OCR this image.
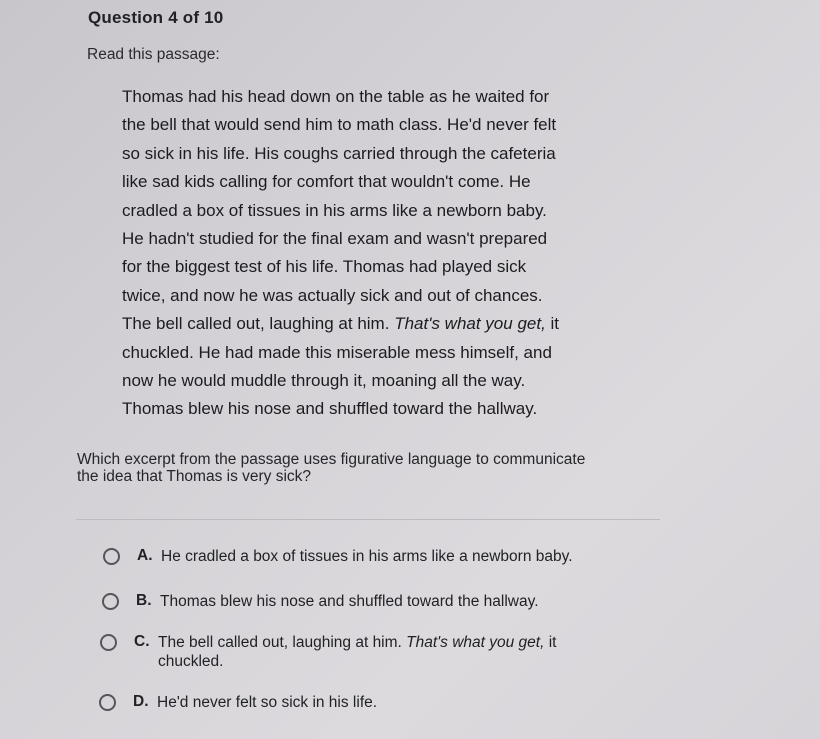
Question 4 of 10
Read this passage:
Thomas had his head down on the table as he waited for
the bell that would send him to math class. He'd never felt
so sick in his life. His coughs carried through the cafeteria
like sad kids calling for comfort that wouldn't come. He
cradled a box of tissues in his arms like a newborn baby.
He hadn't studied for the final exam and wasn't prepared
for the biggest test of his life. Thomas had played sick
twice, and now he was actually sick and out of chances.
The bell called out, laughing at him. That's what you get, it
chuckled. He had made this miserable mess himself, and
now he would muddle through it, moaning all the way.
Thomas blew his nose and shuffled toward the hallway.
Which excerpt from the passage uses figurative language to communicate
the idea that Thomas is very sick?
A. He cradled a box of tissues in his arms like a newborn baby.
B. Thomas blew his nose and shuffled toward the hallway.
C. The bell called out, laughing at him. That's what you get, it
chuckled.
D. He'd never felt so sick in his life.
